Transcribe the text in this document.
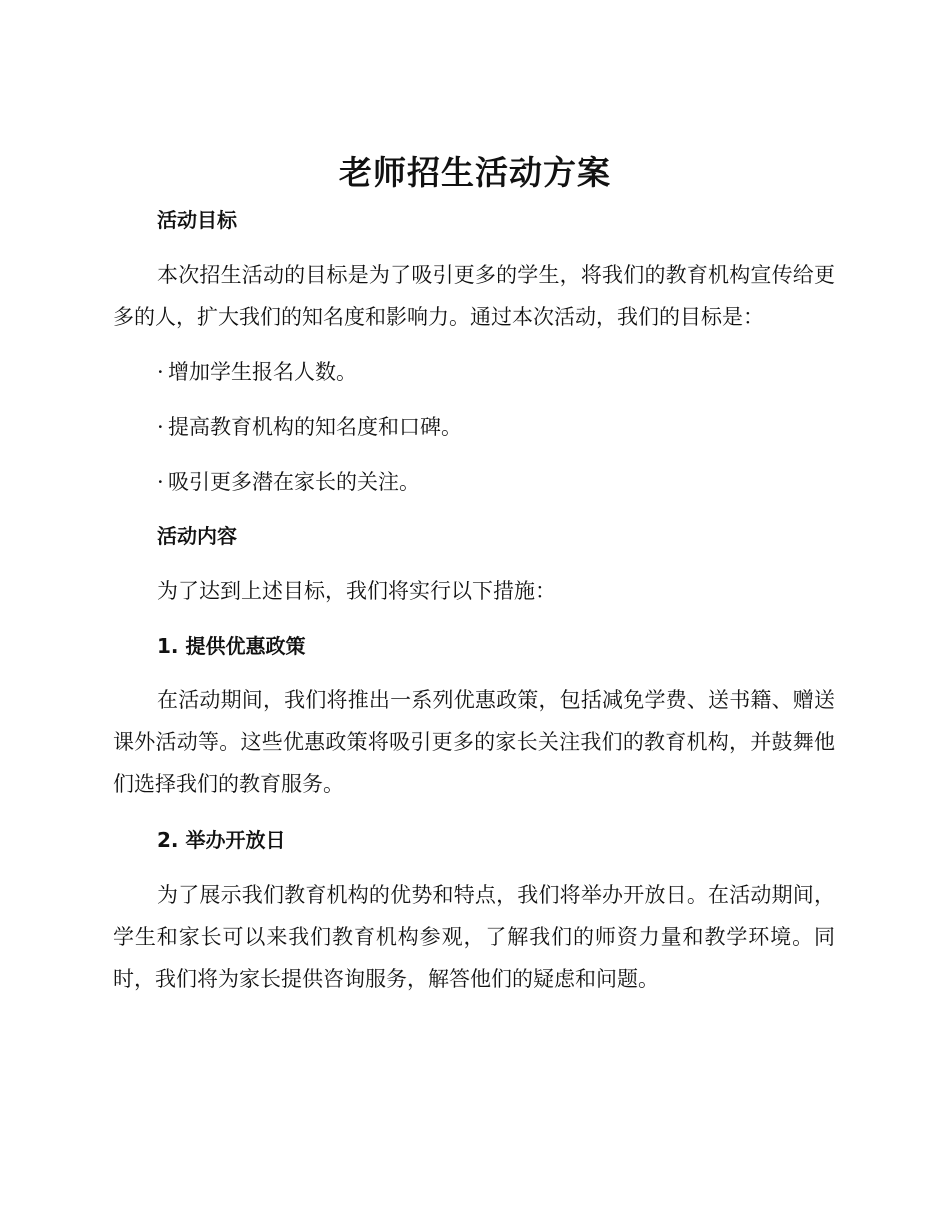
老师招生活动方案
活动目标

本次招生活动的目标是为了吸引更多的学生，将我们的教育机构宣传给更多的人，扩大我们的知名度和影响力。通过本次活动，我们的目标是：

· 增加学生报名人数。

· 提高教育机构的知名度和口碑。

· 吸引更多潜在家长的关注。

活动内容

为了达到上述目标，我们将实行以下措施：

1. 提供优惠政策

在活动期间，我们将推出一系列优惠政策，包括减免学费、送书籍、赠送课外活动等。这些优惠政策将吸引更多的家长关注我们的教育机构，并鼓舞他们选择我们的教育服务。

2. 举办开放日

为了展示我们教育机构的优势和特点，我们将举办开放日。在活动期间，学生和家长可以来我们教育机构参观，了解我们的师资力量和教学环境。同时，我们将为家长提供咨询服务，解答他们的疑虑和问题。
